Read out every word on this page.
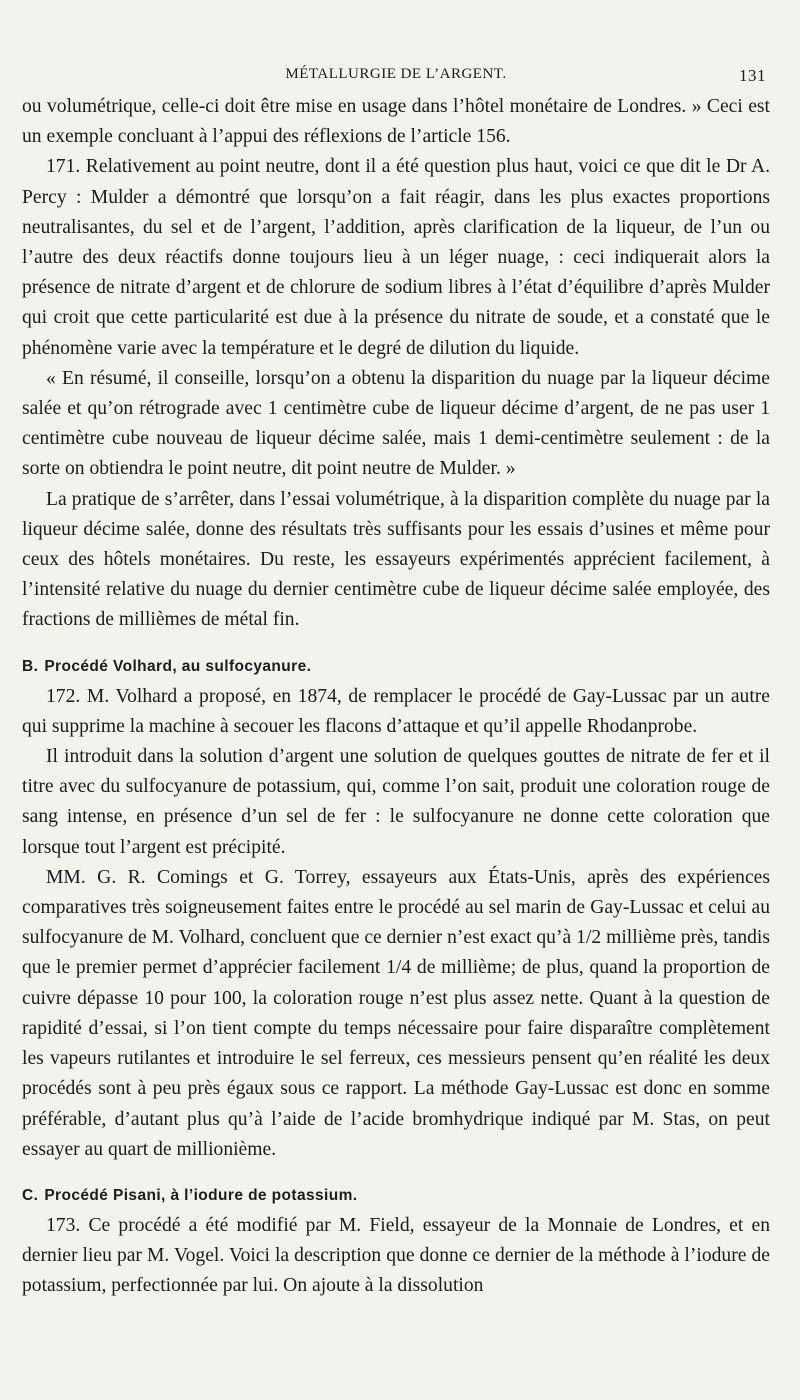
MÉTALLURGIE DE L’ARGENT.	131

ou volumétrique, celle-ci doit être mise en usage dans l’hôtel monétaire de Londres. » Ceci est un exemple concluant à l’appui des réflexions de l’article 156.

171. Relativement au point neutre, dont il a été question plus haut, voici ce que dit le Dr A. Percy : Mulder a démontré que lorsqu’on a fait réagir, dans les plus exactes proportions neutralisantes, du sel et de l’argent, l’addition, après clarification de la liqueur, de l’un ou l’autre des deux réactifs donne toujours lieu à un léger nuage, : ceci indiquerait alors la présence de nitrate d’argent et de chlorure de sodium libres à l’état d’équilibre d’après Mulder qui croit que cette particularité est due à la présence du nitrate de soude, et a constaté que le phénomène varie avec la température et le degré de dilution du liquide.

« En résumé, il conseille, lorsqu’on a obtenu la disparition du nuage par la liqueur décime salée et qu’on rétrograde avec 1 centimètre cube de liqueur décime d’argent, de ne pas user 1 centimètre cube nouveau de liqueur décime salée, mais 1 demi-centimètre seulement : de la sorte on obtiendra le point neutre, dit point neutre de Mulder. »

La pratique de s’arrêter, dans l’essai volumétrique, à la disparition complète du nuage par la liqueur décime salée, donne des résultats très suffisants pour les essais d’usines et même pour ceux des hôtels monétaires. Du reste, les essayeurs expérimentés apprécient facilement, à l’intensité relative du nuage du dernier centimètre cube de liqueur décime salée employée, des fractions de millièmes de métal fin.

B. Procédé Volhard, au sulfocyanure.

172. M. Volhard a proposé, en 1874, de remplacer le procédé de Gay-Lussac par un autre qui supprime la machine à secouer les flacons d’attaque et qu’il appelle Rhodanprobe.

Il introduit dans la solution d’argent une solution de quelques gouttes de nitrate de fer et il titre avec du sulfocyanure de potassium, qui, comme l’on sait, produit une coloration rouge de sang intense, en présence d’un sel de fer : le sulfocyanure ne donne cette coloration que lorsque tout l’argent est précipité.

MM. G. R. Comings et G. Torrey, essayeurs aux États-Unis, après des expériences comparatives très soigneusement faites entre le procédé au sel marin de Gay-Lussac et celui au sulfocyanure de M. Volhard, concluent que ce dernier n’est exact qu’à 1/2 millième près, tandis que le premier permet d’apprécier facilement 1/4 de millième; de plus, quand la proportion de cuivre dépasse 10 pour 100, la coloration rouge n’est plus assez nette. Quant à la question de rapidité d’essai, si l’on tient compte du temps nécessaire pour faire disparaître complètement les vapeurs rutilantes et introduire le sel ferreux, ces messieurs pensent qu’en réalité les deux procédés sont à peu près égaux sous ce rapport. La méthode Gay-Lussac est donc en somme préférable, d’autant plus qu’à l’aide de l’acide bromhydrique indiqué par M. Stas, on peut essayer au quart de millionième.

C. Procédé Pisani, à l’iodure de potassium.

173. Ce procédé a été modifié par M. Field, essayeur de la Monnaie de Londres, et en dernier lieu par M. Vogel. Voici la description que donne ce dernier de la méthode à l’iodure de potassium, perfectionnée par lui. On ajoute à la dissolution
